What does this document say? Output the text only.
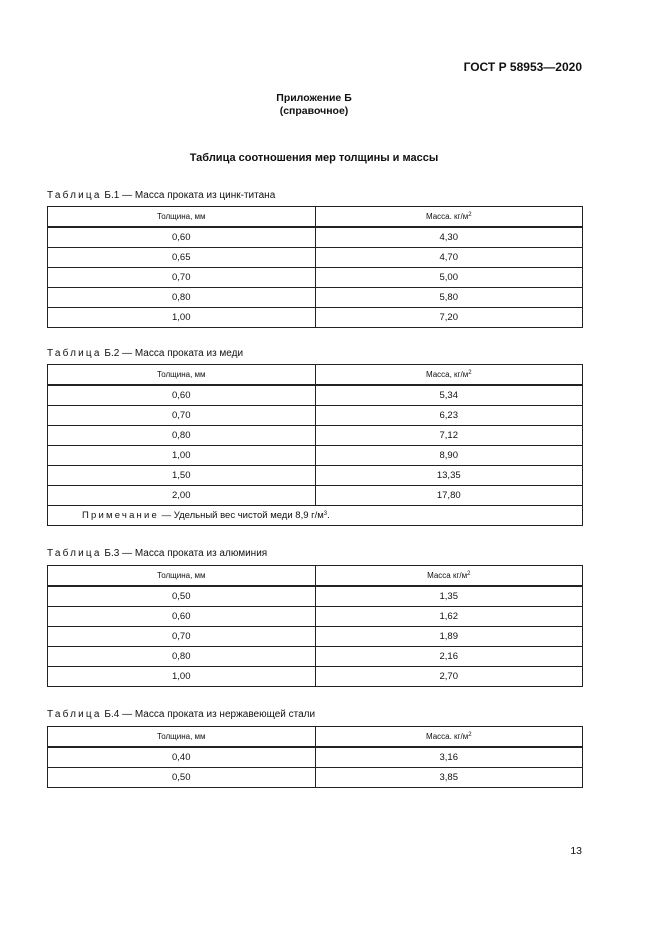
ГОСТ Р 58953—2020
Приложение Б
(справочное)
Таблица соотношения мер толщины и массы
Таблица Б.1 — Масса проката из цинк-титана
Толщина, мм	Масса. $кг/м^2$
0,60	4,30
0,65	4,70
0,70	5,00
0,80	5,80
1,00	7,20
Таблица Б.2 — Масса проката из меди
Толщина, мм	Масса, $кг/м^2$
0,60	5,34
0,70	6,23
0,80	7,12
1,00	8,90
1,50	13,35
2,00	17,80
Примечание — Удельный вес чистой меди 8,9 $г/м^3$.	
Таблица Б.3 — Масса проката из алюминия
Толщина, мм	Масса $кг/м^2$
0,50	1,35
0,60	1,62
0,70	1,89
0,80	2,16
1,00	2,70
Таблица Б.4 — Масса проката из нержавеющей стали
Толщина, мм	Масса. $кг/м^2$
0,40	3,16
0,50	3,85
13
